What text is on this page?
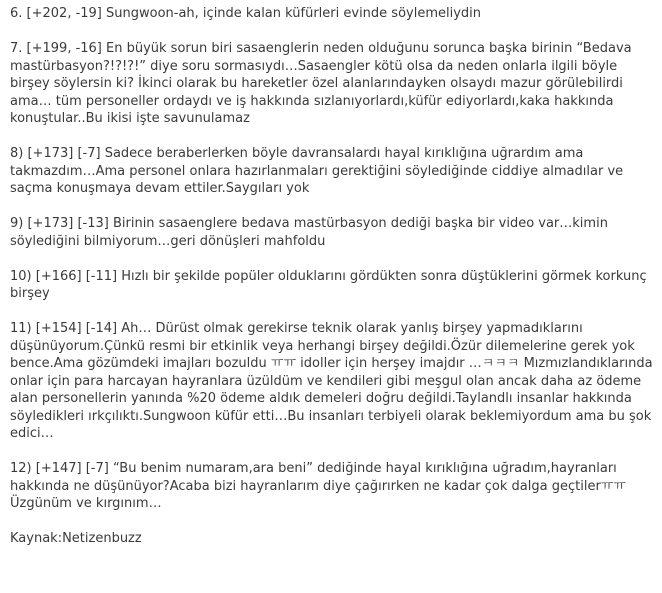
6. [+202, -19] Sungwoon-ah, içinde kalan küfürleri evinde söylemeliydin

7. [+199, -16] En büyük sorun biri sasaenglerin neden olduğunu sorunca başka birinin “Bedava mastürbasyon?!?!?!” diye soru sormasıydı…Sasaengler kötü olsa da neden onlarla ilgili böyle birşey söylersin ki? İkinci olarak bu hareketler özel alanlarındayken olsaydı mazur görülebilirdi ama… tüm personeller ordaydı ve iş hakkında sızlanıyorlardı,küfür ediyorlardı,kaka hakkında konuştular..Bu ikisi işte savunulamaz

8) [+173] [-7] Sadece beraberlerken böyle davransalardı hayal kırıklığına uğrardım ama takmazdım…Ama personel onlara hazırlanmaları gerektiğini söylediğinde ciddiye almadılar ve saçma konuşmaya devam ettiler.Saygıları yok

9) [+173] [-13] Birinin sasaenglere bedava mastürbasyon dediği başka bir video var…kimin söylediğini bilmiyorum…geri dönüşleri mahfoldu

10) [+166] [-11] Hızlı bir şekilde popüler olduklarını gördükten sonra düştüklerini görmek korkunç birşey

11) [+154] [-14] Ah… Dürüst olmak gerekirse teknik olarak yanlış birşey yapmadıklarını düşünüyorum.Çünkü resmi bir etkinlik veya herhangi birşey değildi.Özür dilemelerine gerek yok bence.Ama gözümdeki imajları bozuldu ㅠㅠ idoller için herşey imajdır …ㅋㅋㅋ Mızmızlandıklarında onlar için para harcayan hayranlara üzüldüm ve kendileri gibi meşgul olan ancak daha az ödeme alan personellerin yanında %20 ödeme aldık demeleri doğru değildi.Taylandlı insanlar hakkında söyledikleri ırkçılıktı.Sungwoon küfür etti…Bu insanları terbiyeli olarak beklemiyordum ama bu şok edici…

12) [+147] [-7] “Bu benim numaram,ara beni” dediğinde hayal kırıklığına uğradım,hayranları hakkında ne düşünüyor?Acaba bizi hayranlarım diye çağırırken ne kadar çok dalga geçtilerㅠㅠ Üzgünüm ve kırgınım…

Kaynak:Netizenbuzz
